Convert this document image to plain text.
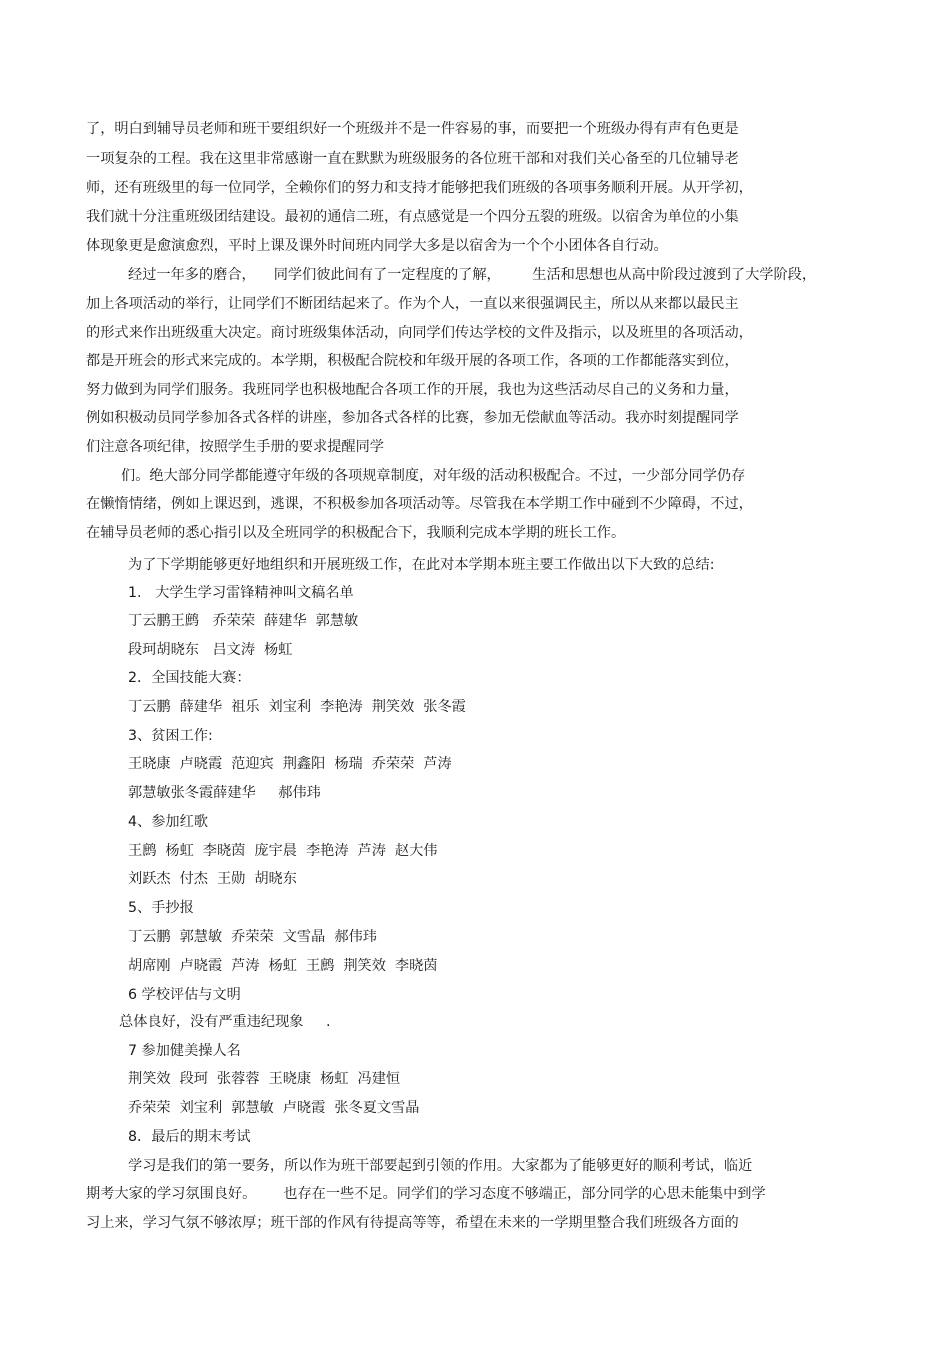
了，明白到辅导员老师和班干要组织好一个班级并不是一件容易的事，而要把一个班级办得有声有色更是
一项复杂的工程。我在这里非常感谢一直在默默为班级服务的各位班干部和对我们关心备至的几位辅导老
师，还有班级里的每一位同学，全赖你们的努力和支持才能够把我们班级的各项事务顺利开展。从开学初，
我们就十分注重班级团结建设。最初的通信二班，有点感觉是一个四分五裂的班级。以宿舍为单位的小集
体现象更是愈演愈烈，平时上课及课外时间班内同学大多是以宿舍为一个个小团体各自行动。
经过一年多的磨合，    同学们彼此间有了一定程度的了解，       生活和思想也从高中阶段过渡到了大学阶段，
加上各项活动的举行，让同学们不断团结起来了。作为个人，一直以来很强调民主，所以从来都以最民主
的形式来作出班级重大决定。商讨班级集体活动，向同学们传达学校的文件及指示，以及班里的各项活动，
都是开班会的形式来完成的。本学期，积极配合院校和年级开展的各项工作，各项的工作都能落实到位，
努力做到为同学们服务。我班同学也积极地配合各项工作的开展，我也为这些活动尽自己的义务和力量，
例如积极动员同学参加各式各样的讲座，参加各式各样的比赛，参加无偿献血等活动。我亦时刻提醒同学
们注意各项纪律，按照学生手册的要求提醒同学
们。绝大部分同学都能遵守年级的各项规章制度，对年级的活动积极配合。不过，一少部分同学仍存
在懒惰情绪，例如上课迟到，逃课，不积极参加各项活动等。尽管我在本学期工作中碰到不少障碍，不过，
在辅导员老师的悉心指引以及全班同学的积极配合下，我顺利完成本学期的班长工作。
为了下学期能够更好地组织和开展班级工作，在此对本学期本班主要工作做出以下大致的总结:
1.   大学生学习雷锋精神叫文稿名单
丁云鹏王鹧   乔荣荣  薛建华  郭慧敏
段珂胡晓东   吕文涛  杨虹
2．全国技能大赛：
丁云鹏  薛建华  祖乐  刘宝利  李艳涛  荆笑效  张冬霞
3、贫困工作:
王晓康  卢晓霞  范迎宾  荆鑫阳  杨瑞  乔荣荣  芦涛
郭慧敏张冬霞薛建华     郝伟玮
4、参加红歌
王鹧  杨虹  李晓茵  庞宇晨  李艳涛  芦涛  赵大伟
刘跃杰  付杰  王勋  胡晓东
5、手抄报
丁云鹏  郭慧敏  乔荣荣  文雪晶  郝伟玮
胡席刚  卢晓霞  芦涛  杨虹  王鹧  荆笑效  李晓茵
6 学校评估与文明
总体良好，没有严重违纪现象     .
7 参加健美操人名
荆笑效  段珂  张蓉蓉  王晓康  杨虹  冯建恒
乔荣荣  刘宝利  郭慧敏  卢晓霞  张冬夏文雪晶
8．最后的期末考试
学习是我们的第一要务，所以作为班干部要起到引领的作用。大家都为了能够更好的顺利考试，临近
期考大家的学习氛围良好。      也存在一些不足。同学们的学习态度不够端正，部分同学的心思未能集中到学
习上来，学习气氛不够浓厚；班干部的作风有待提高等等，希望在未来的一学期里整合我们班级各方面的
